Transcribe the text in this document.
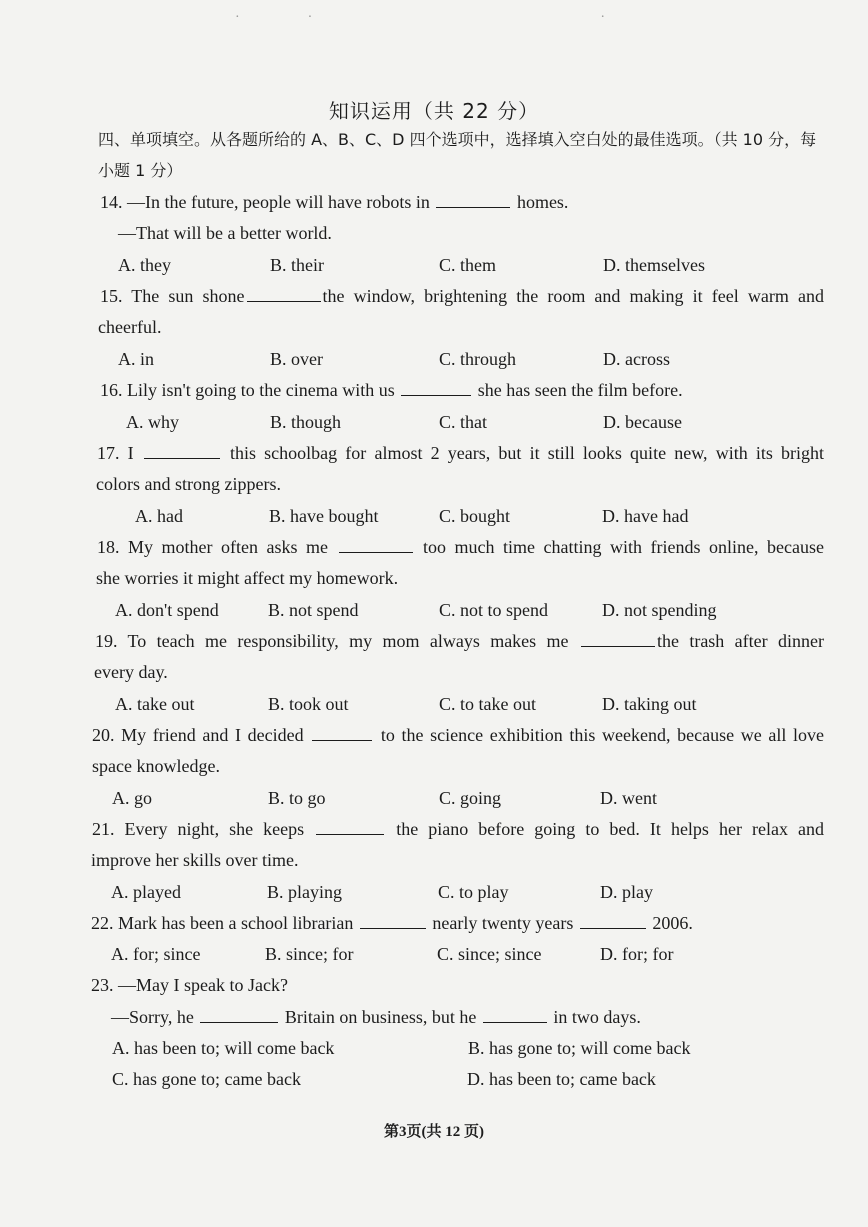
·            ·                                                    ·
知识运用（共 22 分）
四、单项填空。从各题所给的 A、B、C、D 四个选项中，选择填入空白处的最佳选项。（共 10 分，每小题 1 分）
14. —In the future, people will have robots in	homes.
—That will be a better world.
A. they	B. their	C. them	D. themselves
15. The sun shone	the window, brightening the room and making it feel warm and
cheerful.
A. in	B. over	C. through	D. across
16. Lily isn't going to the cinema with us	she has seen the film before.
A. why	B. though	C. that	D. because
17. I	this schoolbag for almost 2 years, but it still looks quite new, with its bright
colors and strong zippers.
A. had	B. have bought	C. bought	D. have had
18. My mother often asks me	too much time chatting with friends online, because
she worries it might affect my homework.
A. don't spend	B. not spend	C. not to spend	D. not spending
19. To teach me responsibility, my mom always makes me	the trash after dinner
every day.
A. take out	B. took out	C. to take out	D. taking out
20. My friend and I decided	to the science exhibition this weekend, because we all love
space knowledge.
A. go	B. to go	C. going	D. went
21. Every night, she keeps	the piano before going to bed. It helps her relax and
improve her skills over time.
A. played	B. playing	C. to play	D. play
22. Mark has been a school librarian	nearly twenty years	2006.
A. for; since	B. since; for	C. since; since	D. for; for
23. —May I speak to Jack?
—Sorry, he	Britain on business, but he	in two days.
A. has been to; will come back	B. has gone to; will come back
C. has gone to; came back	D. has been to; came back
第3页(共 12 页)
